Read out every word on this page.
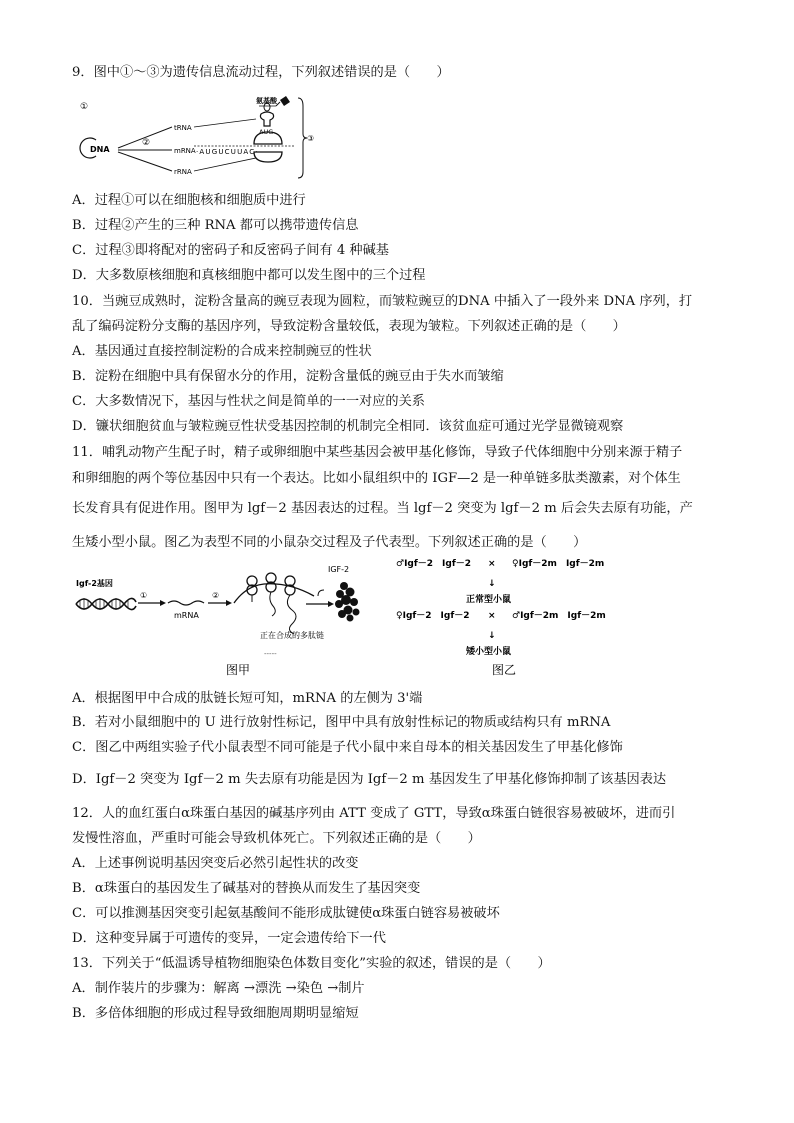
9．图中①～③为遗传信息流动过程，下列叙述错误的是（　　）
氨基酸
AUG
①
DNA
②
tRNA
mRNA
rRNA
·AUGUCUUAC·
③
A．过程①可以在细胞核和细胞质中进行
B．过程②产生的三种 RNA 都可以携带遗传信息
C．过程③即将配对的密码子和反密码子间有 4 种碱基
D．大多数原核细胞和真核细胞中都可以发生图中的三个过程
10．当豌豆成熟时，淀粉含量高的豌豆表现为圆粒，而皱粒豌豆的DNA 中插入了一段外来 DNA 序列，打
乱了编码淀粉分支酶的基因序列，导致淀粉含量较低，表现为皱粒。下列叙述正确的是（　　）
A．基因通过直接控制淀粉的合成来控制豌豆的性状
B．淀粉在细胞中具有保留水分的作用，淀粉含量低的豌豆由于失水而皱缩
C．大多数情况下，基因与性状之间是简单的一一对应的关系
D．镰状细胞贫血与皱粒豌豆性状受基因控制的机制完全相同．该贫血症可通过光学显微镜观察
11．哺乳动物产生配子时，精子或卵细胞中某些基因会被甲基化修饰，导致子代体细胞中分别来源于精子
和卵细胞的两个等位基因中只有一个表达。比如小鼠组织中的 IGF—2 是一种单链多肽类激素，对个体生
长发育具有促进作用。图甲为 lgf－2 基因表达的过程。当 lgf－2 突变为 lgf－2 m 后会失去原有功能，产
生矮小型小鼠。图乙为表型不同的小鼠杂交过程及子代表型。下列叙述正确的是（　　）
Igf-2基因
①
mRNA
②
正在合成的多肽链
-----
IGF-2
图甲
♂Igf－2　Igf－2 × ♀Igf－2m　Igf－2m
↓
正常型小鼠
♀Igf－2　Igf－2 × ♂Igf－2m　Igf－2m
↓
矮小型小鼠
图乙
A．根据图甲中合成的肽链长短可知，mRNA 的左侧为 3'端
B．若对小鼠细胞中的 U 进行放射性标记，图甲中具有放射性标记的物质或结构只有 mRNA
C．图乙中两组实验子代小鼠表型不同可能是子代小鼠中来自母本的相关基因发生了甲基化修饰
D．Igf－2 突变为 Igf－2 m 失去原有功能是因为 Igf－2 m 基因发生了甲基化修饰抑制了该基因表达
12．人的血红蛋白α珠蛋白基因的碱基序列由 ATT 变成了 GTT，导致α珠蛋白链很容易被破坏，进而引
发慢性溶血，严重时可能会导致机体死亡。下列叙述正确的是（　　）
A．上述事例说明基因突变后必然引起性状的改变
B．α珠蛋白的基因发生了碱基对的替换从而发生了基因突变
C．可以推测基因突变引起氨基酸间不能形成肽键使α珠蛋白链容易被破坏
D．这种变异属于可遗传的变异，一定会遗传给下一代
13．下列关于“低温诱导植物细胞染色体数目变化”实验的叙述，错误的是（　　）
A．制作装片的步骤为：解离 →漂洗 →染色 →制片
B．多倍体细胞的形成过程导致细胞周期明显缩短
